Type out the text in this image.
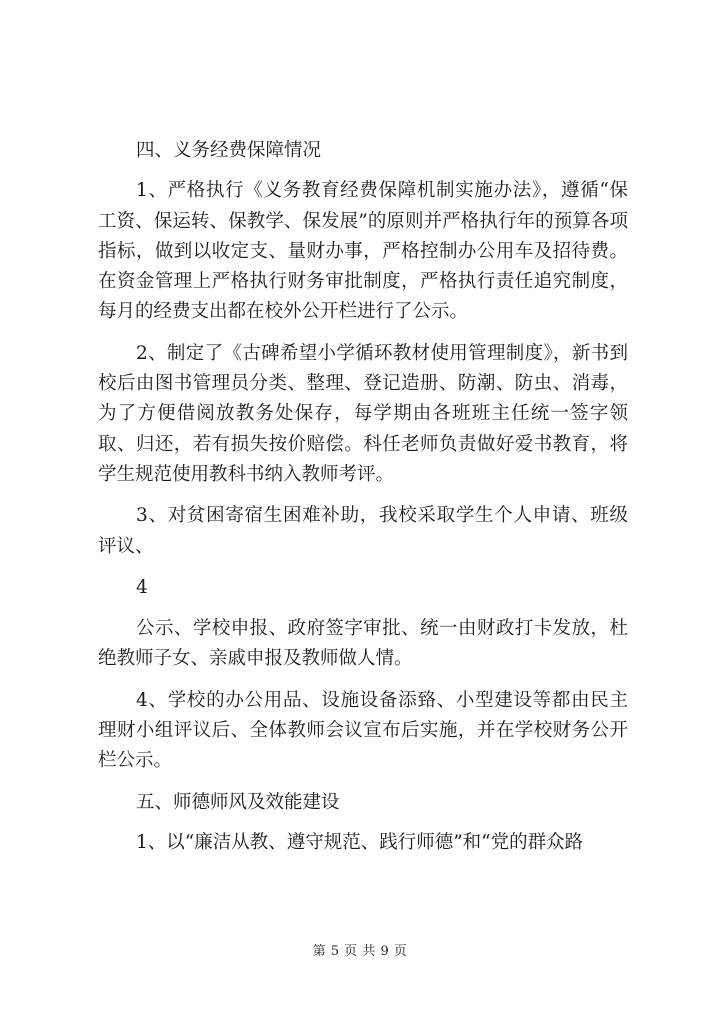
四、义务经费保障情况

1、严格执行《义务教育经费保障机制实施办法》，遵循“保工资、保运转、保教学、保发展”的原则并严格执行年的预算各项指标，做到以收定支、量财办事，严格控制办公用车及招待费。在资金管理上严格执行财务审批制度，严格执行责任追究制度，每月的经费支出都在校外公开栏进行了公示。

2、制定了《古碑希望小学循环教材使用管理制度》，新书到校后由图书管理员分类、整理、登记造册、防潮、防虫、消毒，为了方便借阅放教务处保存，每学期由各班班主任统一签字领取、归还，若有损失按价赔偿。科任老师负责做好爱书教育，将学生规范使用教科书纳入教师考评。

3、对贫困寄宿生困难补助，我校采取学生个人申请、班级评议、

4

公示、学校申报、政府签字审批、统一由财政打卡发放，杜绝教师子女、亲戚申报及教师做人情。

4、学校的办公用品、设施设备添臵、小型建设等都由民主理财小组评议后、全体教师会议宣布后实施，并在学校财务公开栏公示。

五、师德师风及效能建设

1、以“廉洁从教、遵守规范、践行师德”和“党的群众路

第 5 页 共 9 页
